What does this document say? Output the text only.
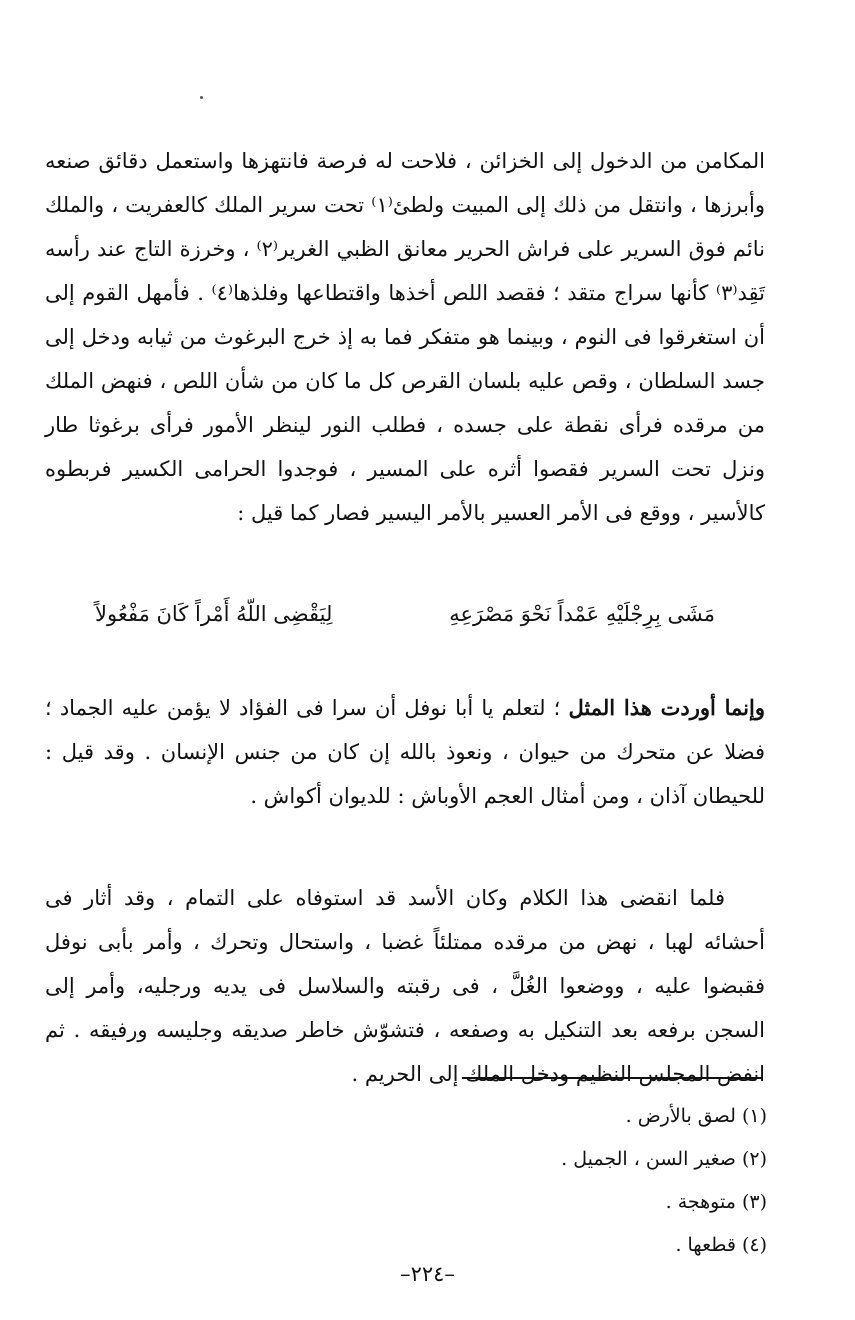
المكامن من الدخول إلى الخزائن ، فلاحت له فرصة فانتهزها واستعمل دقائق صنعه وأبرزها ، وانتقل من ذلك إلى المبيت ولطئ⁽١⁾ تحت سرير الملك كالعفريت ، والملك نائم فوق السرير على فراش الحرير معانق الظبي الغرير⁽٢⁾ ، وخرزة التاج عند رأسه تَقِد⁽٣⁾ كأنها سراج متقد ؛ فقصد اللص أخذها واقتطاعها وفلذها⁽٤⁾ . فأمهل القوم إلى أن استغرقوا فى النوم ، وبينما هو متفكر فما به إذ خرج البرغوث من ثيابه ودخل إلى جسد السلطان ، وقص عليه بلسان القرص كل ما كان من شأن اللص ، فنهض الملك من مرقده فرأى نقطة على جسده ، فطلب النور لينظر الأمور فرأى برغوثا طار ونزل تحت السرير فقصوا أثره على المسير ، فوجدوا الحرامى الكسير فربطوه كالأسير ، ووقع فى الأمر العسير بالأمر اليسير فصار كما قيل :

مَشَى بِرِجْلَيْهِ عَمْداً نَحْوَ مَصْرَعِهِ
لِيَقْضِى اللّهُ أَمْراً كَانَ مَفْعُولاً

وإنما أوردت هذا المثل ؛ لتعلم يا أبا نوفل أن سرا فى الفؤاد لا يؤمن عليه الجماد ؛ فضلا عن متحرك من حيوان ، ونعوذ بالله إن كان من جنس الإنسان . وقد قيل : للحيطان آذان ، ومن أمثال العجم الأوباش : للديوان أكواش .

فلما انقضى هذا الكلام وكان الأسد قد استوفاه على التمام ، وقد أثار فى أحشائه لهبا ، نهض من مرقده ممتلئاً غضبا ، واستحال وتحرك ، وأمر بأبى نوفل فقبضوا عليه ، ووضعوا الغُلَّ ، فى رقبته والسلاسل فى يديه ورجليه، وأمر إلى السجن برفعه بعد التنكيل به وصفعه ، فتشوّش خاطر صديقه وجليسه ورفيقه . ثم انفض المجلس النظيم ودخل الملك إلى الحريم .

(١) لصق بالأرض .
(٢) صغير السن ، الجميل .
(٣) متوهجة .
(٤) قطعها .
–٢٢٤–
